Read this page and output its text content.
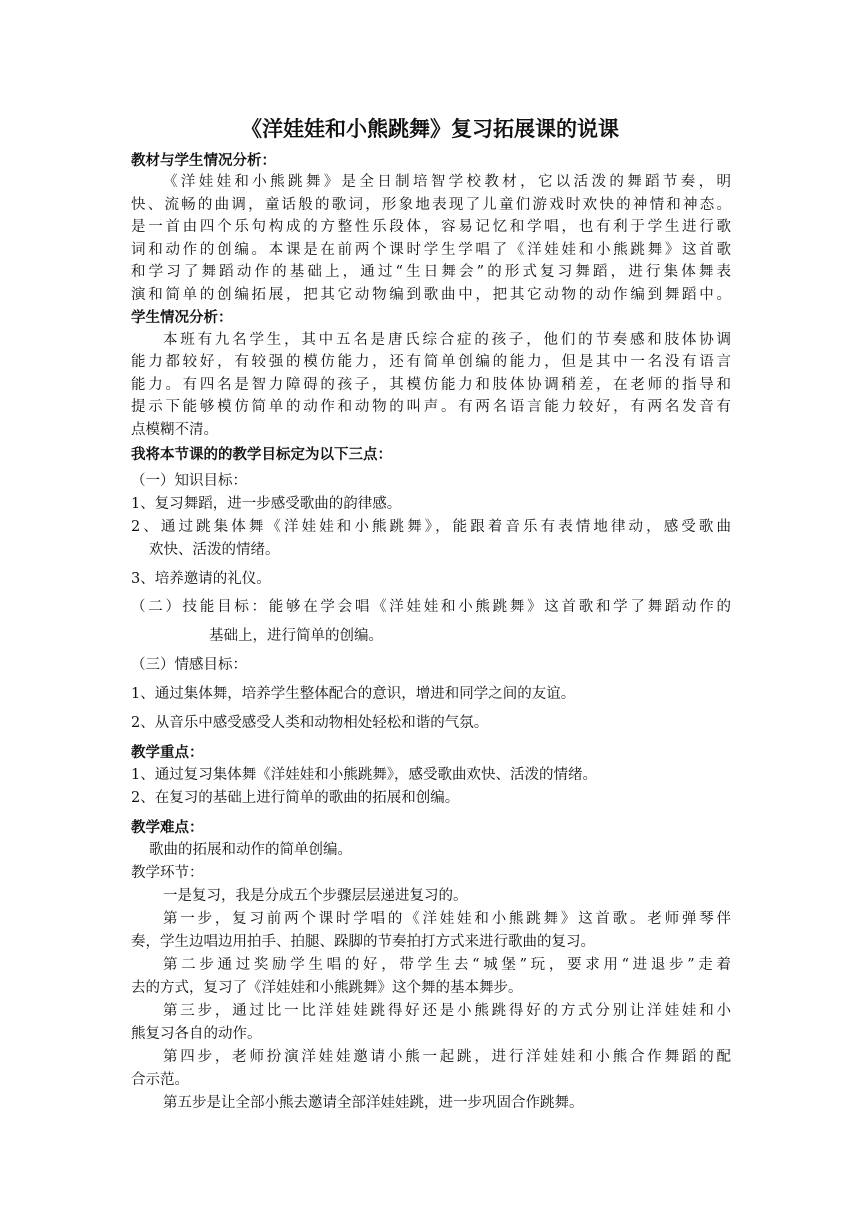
《洋娃娃和小熊跳舞》复习拓展课的说课
教材与学生情况分析：
《洋娃娃和小熊跳舞》是全日制培智学校教材，它以活泼的舞蹈节奏，明
快、流畅的曲调，童话般的歌词，形象地表现了儿童们游戏时欢快的神情和神态。
是一首由四个乐句构成的方整性乐段体，容易记忆和学唱，也有利于学生进行歌
词和动作的创编。本课是在前两个课时学生学唱了《洋娃娃和小熊跳舞》这首歌
和学习了舞蹈动作的基础上，通过“生日舞会”的形式复习舞蹈，进行集体舞表
演和简单的创编拓展，把其它动物编到歌曲中，把其它动物的动作编到舞蹈中。
学生情况分析：
本班有九名学生，其中五名是唐氏综合症的孩子，他们的节奏感和肢体协调
能力都较好，有较强的模仿能力，还有简单创编的能力，但是其中一名没有语言
能力。有四名是智力障碍的孩子，其模仿能力和肢体协调稍差，在老师的指导和
提示下能够模仿简单的动作和动物的叫声。有两名语言能力较好，有两名发音有
点模糊不清。
我将本节课的的教学目标定为以下三点：
（一）知识目标：
1、复习舞蹈，进一步感受歌曲的韵律感。
2、通过跳集体舞《洋娃娃和小熊跳舞》，能跟着音乐有表情地律动，感受歌曲
欢快、活泼的情绪。
3、培养邀请的礼仪。
（二）技能目标：能够在学会唱《洋娃娃和小熊跳舞》这首歌和学了舞蹈动作的
基础上，进行简单的创编。
（三）情感目标：
1、通过集体舞，培养学生整体配合的意识，增进和同学之间的友谊。
2、从音乐中感受感受人类和动物相处轻松和谐的气氛。
教学重点：
1、通过复习集体舞《洋娃娃和小熊跳舞》，感受歌曲欢快、活泼的情绪。
2、在复习的基础上进行简单的歌曲的拓展和创编。
教学难点：
歌曲的拓展和动作的简单创编。
教学环节：
一是复习，我是分成五个步骤层层递进复习的。
第一步，复习前两个课时学唱的《洋娃娃和小熊跳舞》这首歌。老师弹琴伴
奏，学生边唱边用拍手、拍腿、跺脚的节奏拍打方式来进行歌曲的复习。
第二步通过奖励学生唱的好，带学生去“城堡”玩，要求用“进退步”走着
去的方式，复习了《洋娃娃和小熊跳舞》这个舞的基本舞步。
第三步，通过比一比洋娃娃跳得好还是小熊跳得好的方式分别让洋娃娃和小
熊复习各自的动作。
第四步，老师扮演洋娃娃邀请小熊一起跳，进行洋娃娃和小熊合作舞蹈的配
合示范。
第五步是让全部小熊去邀请全部洋娃娃跳，进一步巩固合作跳舞。
